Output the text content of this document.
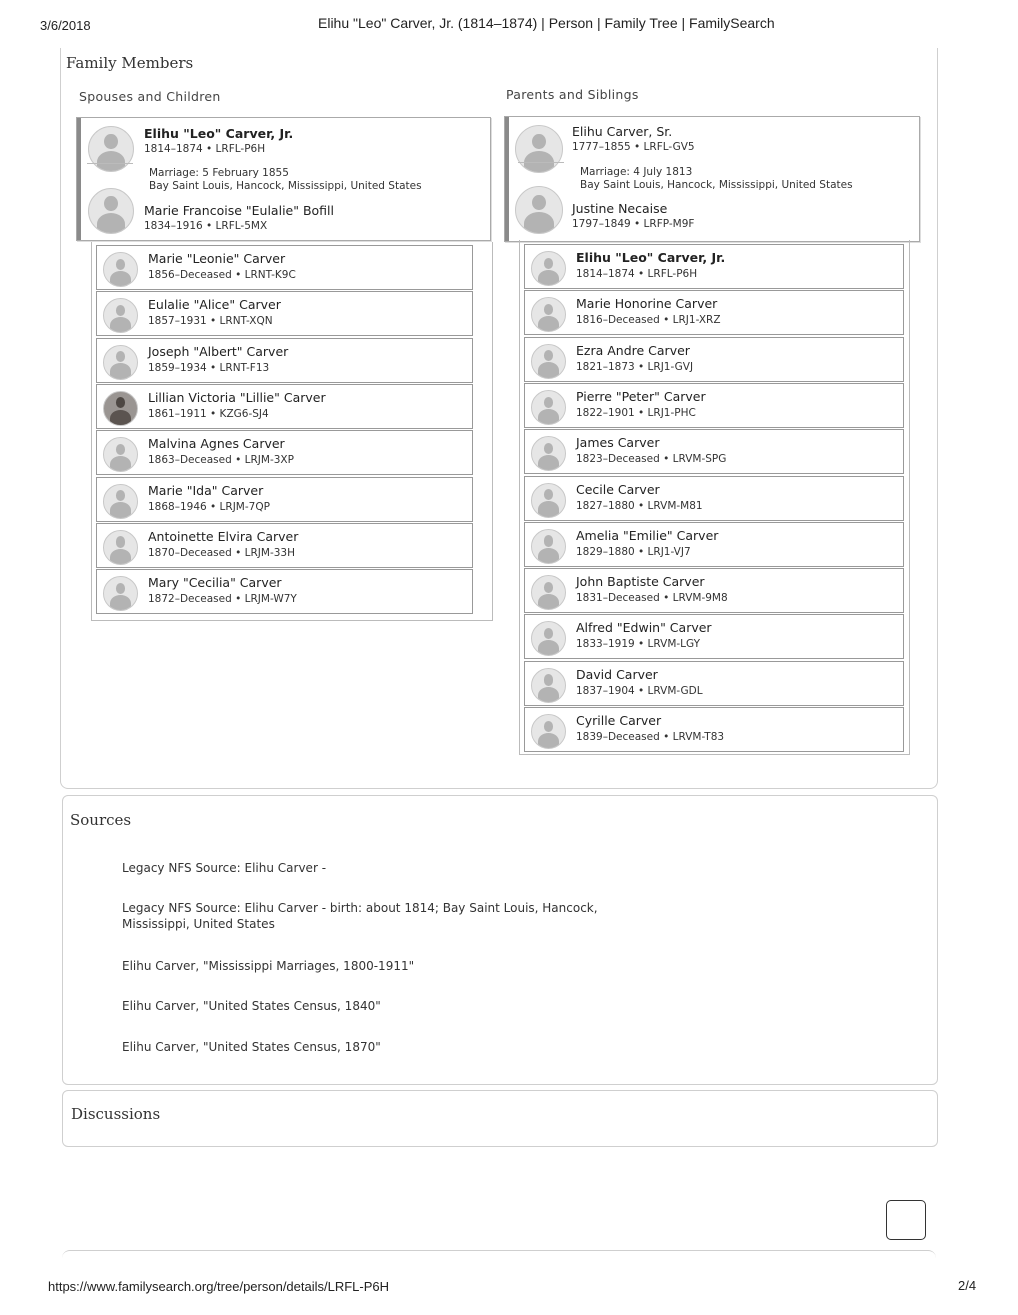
3/6/2018	Elihu "Leo" Carver, Jr. (1814–1874) | Person | Family Tree | FamilySearch
Family Members
Spouses and Children	Parents and Siblings
Elihu "Leo" Carver, Jr.
1814–1874 • LRFL-P6H
Marriage: 5 February 1855
Bay Saint Louis, Hancock, Mississippi, United States
Marie Francoise "Eulalie" Bofill
1834–1916 • LRFL-5MX
Marie "Leonie" Carver
1856–Deceased • LRNT-K9C
Eulalie "Alice" Carver
1857–1931 • LRNT-XQN
Joseph "Albert" Carver
1859–1934 • LRNT-F13
Lillian Victoria "Lillie" Carver
1861–1911 • KZG6-SJ4
Malvina Agnes Carver
1863–Deceased • LRJM-3XP
Marie "Ida" Carver
1868–1946 • LRJM-7QP
Antoinette Elvira Carver
1870–Deceased • LRJM-33H
Mary "Cecilia" Carver
1872–Deceased • LRJM-W7Y
Elihu Carver, Sr.
1777–1855 • LRFL-GV5
Marriage: 4 July 1813
Bay Saint Louis, Hancock, Mississippi, United States
Justine Necaise
1797–1849 • LRFP-M9F
Elihu "Leo" Carver, Jr.
1814–1874 • LRFL-P6H
Marie Honorine Carver
1816–Deceased • LRJ1-XRZ
Ezra Andre Carver
1821–1873 • LRJ1-GVJ
Pierre "Peter" Carver
1822–1901 • LRJ1-PHC
James Carver
1823–Deceased • LRVM-SPG
Cecile Carver
1827–1880 • LRVM-M81
Amelia "Emilie" Carver
1829–1880 • LRJ1-VJ7
John Baptiste Carver
1831–Deceased • LRVM-9M8
Alfred "Edwin" Carver
1833–1919 • LRVM-LGY
David Carver
1837–1904 • LRVM-GDL
Cyrille Carver
1839–Deceased • LRVM-T83
Sources
Legacy NFS Source: Elihu Carver -
Legacy NFS Source: Elihu Carver - birth: about 1814; Bay Saint Louis, Hancock, Mississippi, United States
Elihu Carver, "Mississippi Marriages, 1800-1911"
Elihu Carver, "United States Census, 1840"
Elihu Carver, "United States Census, 1870"
Discussions
https://www.familysearch.org/tree/person/details/LRFL-P6H	2/4
